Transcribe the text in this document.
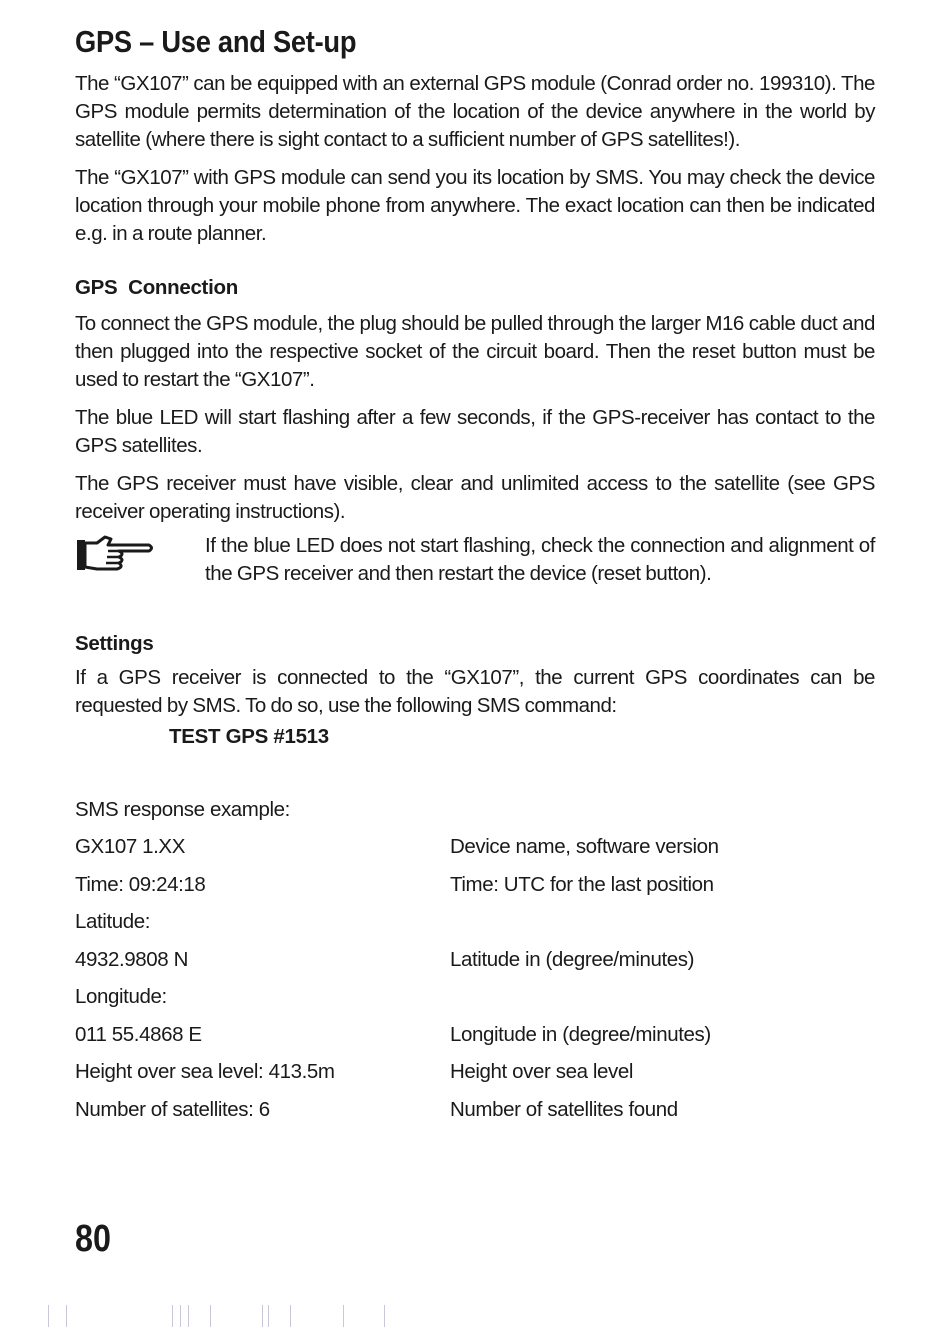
GPS – Use and Set-up

The “GX107” can be equipped with an external GPS module (Conrad order no. 199310). The GPS module permits determination of the location of the device anywhere in the world by satellite (where there is sight contact to a sufficient number of GPS satellites!).

The “GX107” with GPS module can send you its location by SMS. You may check the device location through your mobile phone from anywhere. The exact location can then be indicated e.g. in a route planner.

GPS  Connection

To connect the GPS module, the plug should be pulled through the larger M16 cable duct and then plugged into the respective socket of the circuit board. Then the reset button must be used to restart the “GX107”.

The blue LED will start flashing after a few seconds, if the GPS-receiver has contact to the GPS satellites.

The GPS receiver must have visible, clear and unlimited access to the satellite (see GPS receiver operating instructions).

If the blue LED does not start flashing, check the connection and alignment of the GPS receiver and then restart the device (reset button).

Settings

If a GPS receiver is connected to the “GX107”, the current GPS coordinates can be requested by SMS. To do so, use the following SMS command:

TEST GPS #1513
SMS response example:
GX107 1.XX	Device name, software version
Time: 09:24:18	Time: UTC for the last position
Latitude:
4932.9808 N	Latitude in (degree/minutes)
Longitude:
011 55.4868 E	Longitude in (degree/minutes)
Height over sea level: 413.5m	Height over sea level
Number of satellites: 6	Number of satellites found
80
